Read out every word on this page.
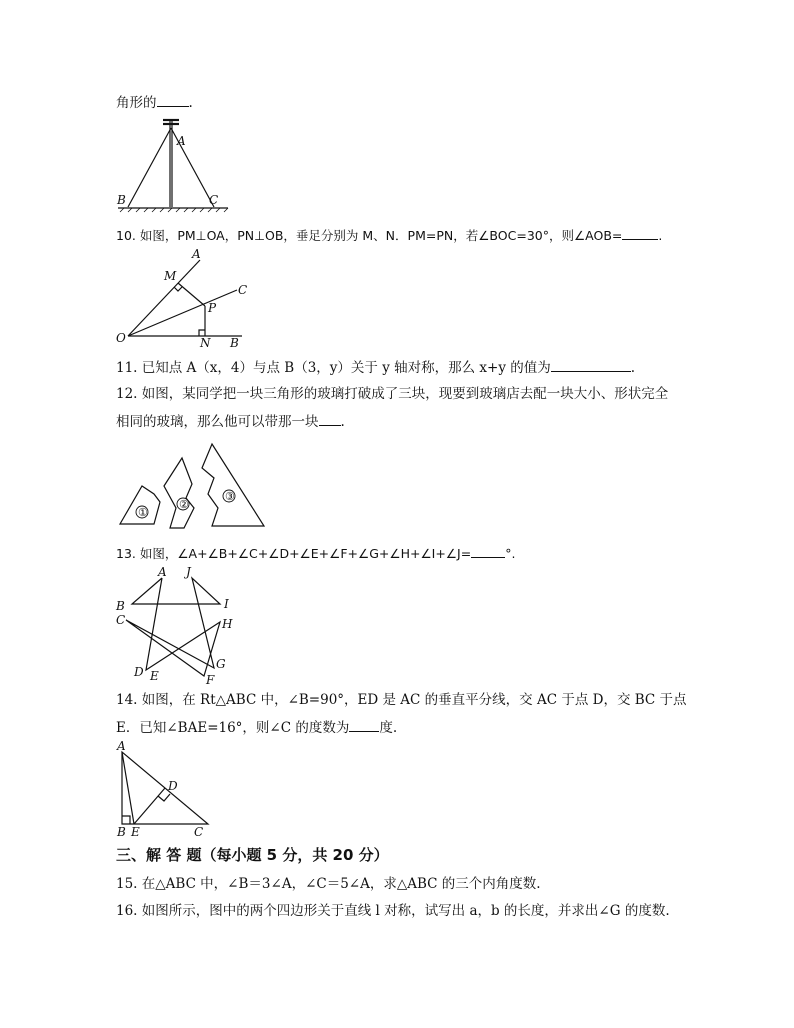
角形的 .
A
B	C
10. 如图，PM⊥OA，PN⊥OB，垂足分别为 M、N．PM=PN，若∠BOC=30°，则∠AOB=	.
A
M
C
P
O	N B
11. 已知点 A（x，4）与点 B（3，y）关于 y 轴对称，那么 x+y 的值为	.
12. 如图，某同学把一块三角形的玻璃打破成了三块，现要到玻璃店去配一块大小、形状完全
相同的玻璃，那么他可以带那一块 .
①
②
③
13. 如图，∠A+∠B+∠C+∠D+∠E+∠F+∠G+∠H+∠I+∠J=	°.
A J
B	I
C	H
D
G
E	F
14. 如图，在 Rt△ABC 中，∠B=90°，ED 是 AC 的垂直平分线，交 AC 于点 D，交 BC 于点
E．已知∠BAE=16°，则∠C 的度数为 度.
A
D
B E	C
三、解 答 题（每小题 5 分，共 20 分）
15. 在△ABC 中，∠B＝3∠A，∠C＝5∠A，求△ABC 的三个内角度数.
16. 如图所示，图中的两个四边形关于直线 l 对称，试写出 a，b 的长度，并求出∠G 的度数.
